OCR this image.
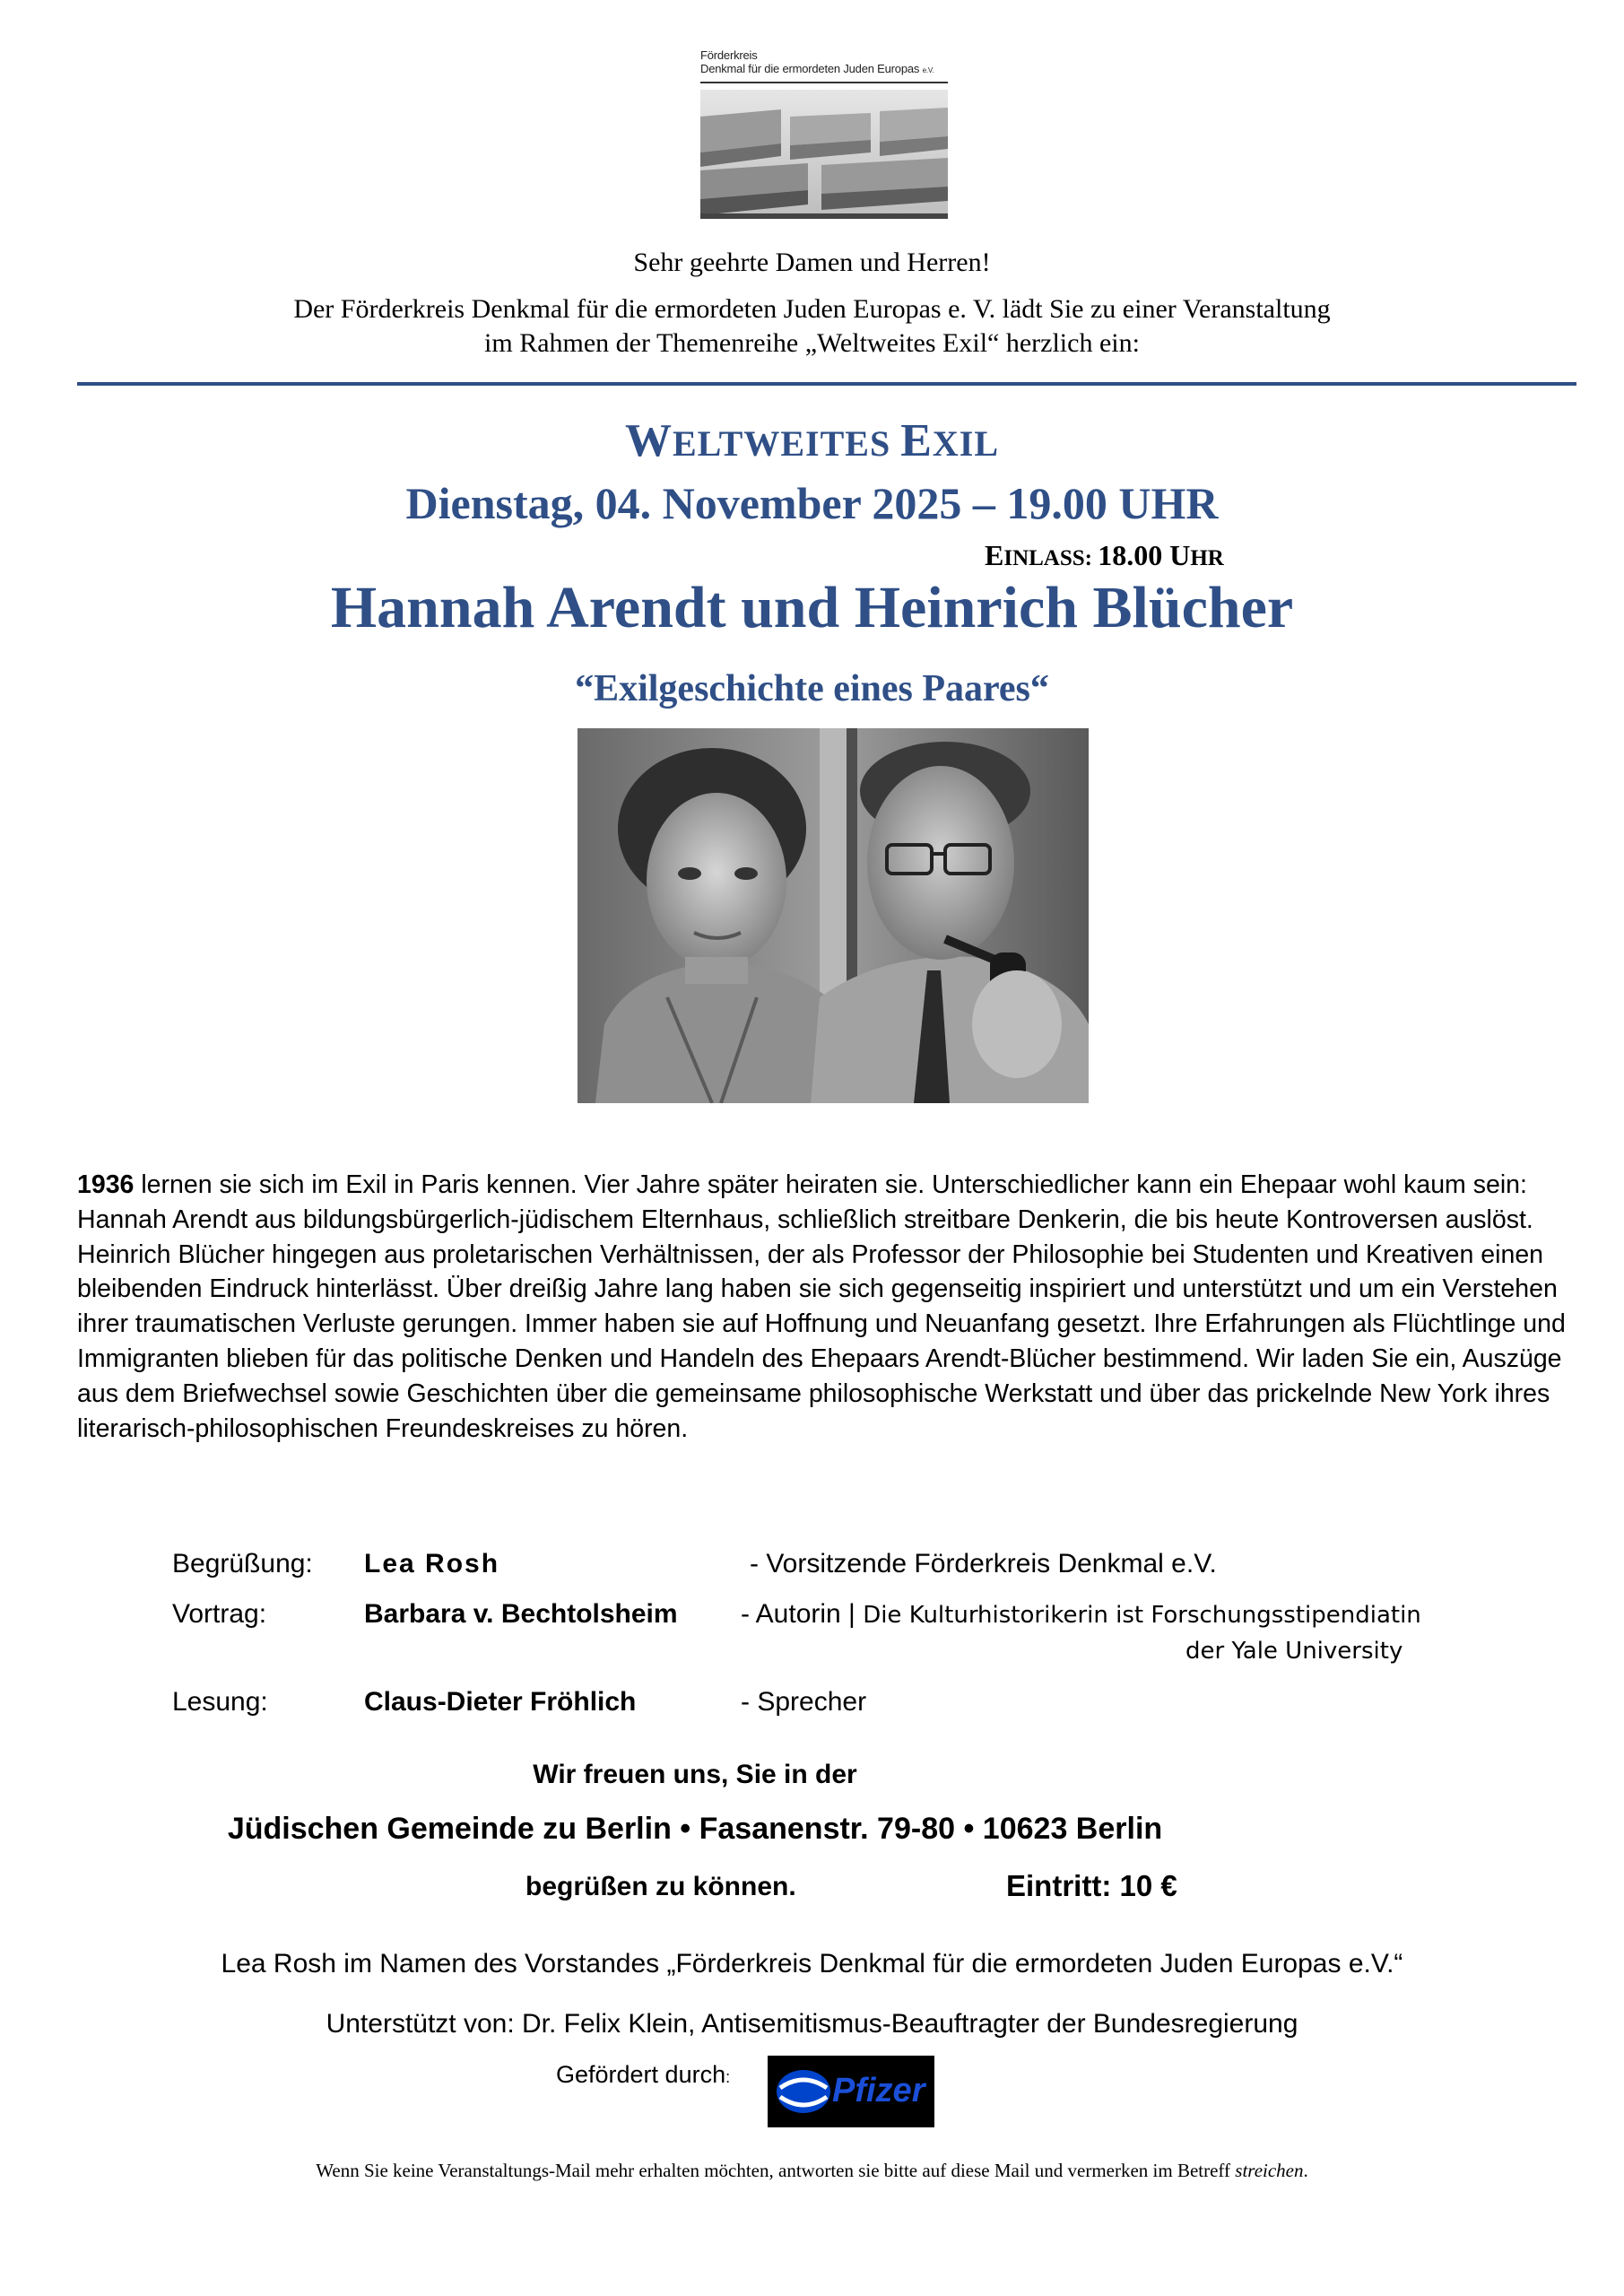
Förderkreis
Denkmal für die ermordeten Juden Europas e.V.
Sehr geehrte Damen und Herren!
Der Förderkreis Denkmal für die ermordeten Juden Europas e. V. lädt Sie zu einer Veranstaltung
im Rahmen der Themenreihe „Weltweites Exil“ herzlich ein:
WELTWEITES EXIL
Dienstag, 04. November 2025 – 19.00 UHR
EINLASS: 18.00 UHR
Hannah Arendt und Heinrich Blücher
“Exilgeschichte eines Paares“
1936 lernen sie sich im Exil in Paris kennen. Vier Jahre später heiraten sie. Unterschiedlicher kann ein Ehepaar wohl kaum sein: Hannah Arendt aus bildungsbürgerlich-jüdischem Elternhaus, schließlich streitbare Denkerin, die bis heute Kontroversen auslöst. Heinrich Blücher hingegen aus proletarischen Verhältnissen, der als Professor der Philosophie bei Studenten und Kreativen einen bleibenden Eindruck hinterlässt. Über dreißig Jahre lang haben sie sich gegenseitig inspiriert und unterstützt und um ein Verstehen ihrer traumatischen Verluste gerungen. Immer haben sie auf Hoffnung und Neuanfang gesetzt. Ihre Erfahrungen als Flüchtlinge und Immigranten blieben für das politische Denken und Handeln des Ehepaars Arendt-Blücher bestimmend. Wir laden Sie ein, Auszüge aus dem Briefwechsel sowie Geschichten über die gemeinsame philosophische Werkstatt und über das prickelnde New York ihres literarisch-philosophischen Freundeskreises zu hören.
Begrüßung: Lea Rosh	- Vorsitzende Förderkreis Denkmal e.V.
Vortrag:	Barbara v. Bechtolsheim - Autorin | Die Kulturhistorikerin ist Forschungsstipendiatin
der Yale University
Lesung:	Claus-Dieter Fröhlich	- Sprecher
Wir freuen uns, Sie in der
Jüdischen Gemeinde zu Berlin • Fasanenstr. 79-80 • 10623 Berlin
begrüßen zu können.	Eintritt: 10 €
Lea Rosh im Namen des Vorstandes „Förderkreis Denkmal für die ermordeten Juden Europas e.V.“
Unterstützt von: Dr. Felix Klein, Antisemitismus-Beauftragter der Bundesregierung
Gefördert durch:	Pfizer
Wenn Sie keine Veranstaltungs-Mail mehr erhalten möchten, antworten sie bitte auf diese Mail und vermerken im Betreff streichen.
